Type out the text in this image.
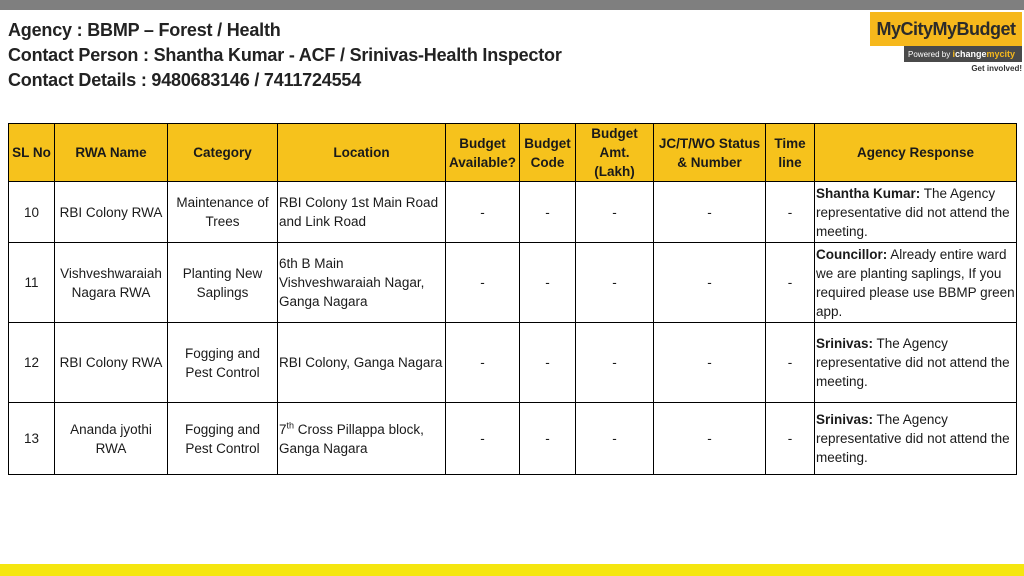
Agency : BBMP – Forest / Health
Contact Person : Shantha Kumar - ACF / Srinivas-Health Inspector
Contact Details : 9480683146 / 7411724554
MyCityMyBudget
Powered by ichangemycity
Get involved!
SL No	RWA Name	Category	Location	Budget Available?	Budget Code	Budget Amt. (Lakh)	JC/T/WO Status & Number	Time line	Agency Response
10	RBI Colony RWA	Maintenance of Trees	RBI Colony 1st Main Road and Link Road	-	-	-	-	-	Shantha Kumar: The Agency representative did not attend the meeting.
11	Vishveshwaraiah Nagara RWA	Planting New Saplings	6th B Main Vishveshwaraiah Nagar, Ganga Nagara	-	-	-	-	-	Councillor: Already entire ward we are planting saplings, If you required please use BBMP green app.
12	RBI Colony RWA	Fogging and Pest Control	RBI Colony, Ganga Nagara	-	-	-	-	-	Srinivas: The Agency representative did not attend the meeting.
13	Ananda jyothi RWA	Fogging and Pest Control	7th Cross Pillappa block, Ganga Nagara	-	-	-	-	-	Srinivas: The Agency representative did not attend the meeting.
